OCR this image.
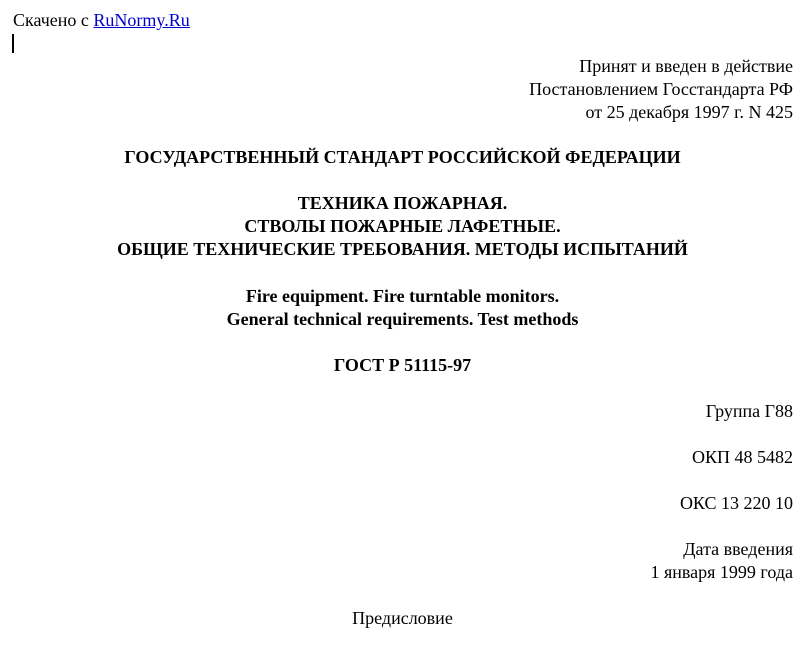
Скачено с RuNormy.Ru
Принят и введен в действие
Постановлением Госстандарта РФ
от 25 декабря 1997 г. N 425
ГОСУДАРСТВЕННЫЙ СТАНДАРТ РОССИЙСКОЙ ФЕДЕРАЦИИ
ТЕХНИКА ПОЖАРНАЯ.
СТВОЛЫ ПОЖАРНЫЕ ЛАФЕТНЫЕ.
ОБЩИЕ ТЕХНИЧЕСКИЕ ТРЕБОВАНИЯ. МЕТОДЫ ИСПЫТАНИЙ
Fire equipment. Fire turntable monitors.
General technical requirements. Test methods
ГОСТ Р 51115-97
Группа Г88
ОКП 48 5482
ОКС 13 220 10
Дата введения
1 января 1999 года
Предисловие
